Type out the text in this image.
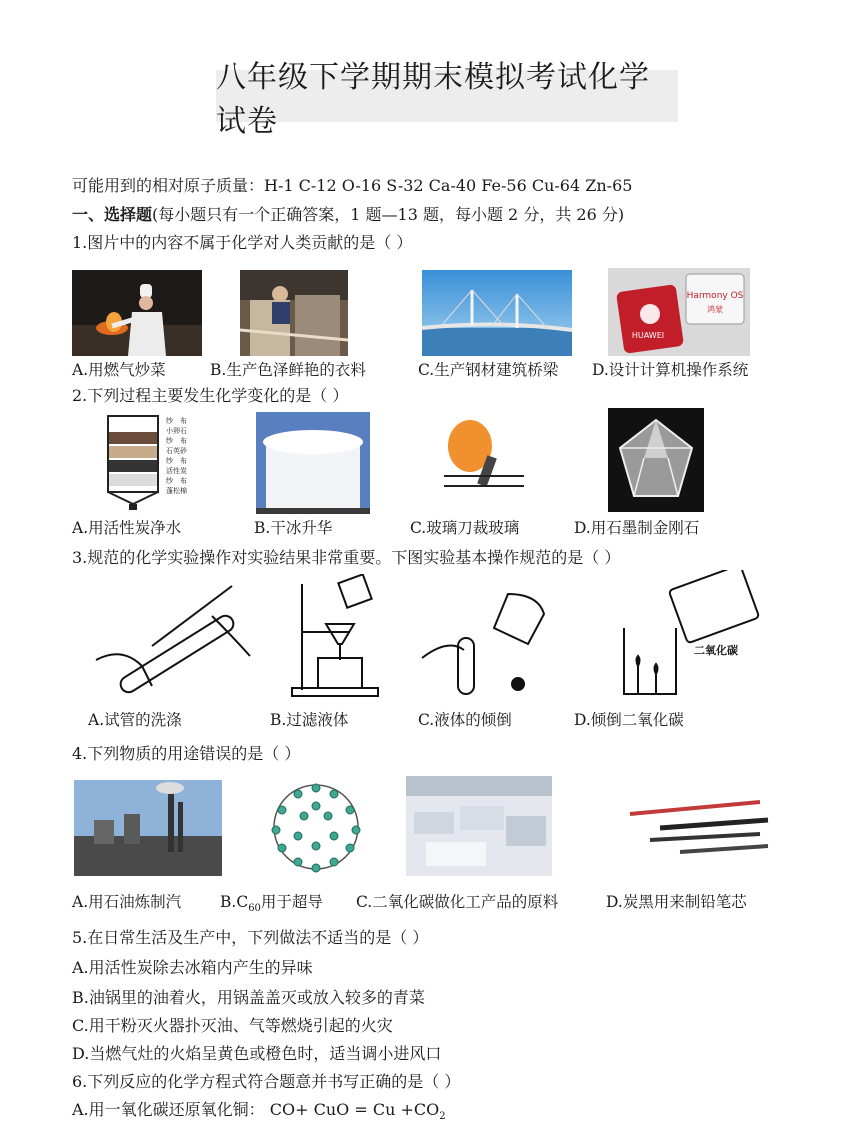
八年级下学期期末模拟考试化学试卷
可能用到的相对原子质量：H-1 C-12 O-16 S-32 Ca-40 Fe-56 Cu-64 Zn-65
一、选择题(每小题只有一个正确答案，1 题—13 题，每小题 2 分，共 26 分)
1.图片中的内容不属于化学对人类贡献的是（ ）
HUAWEI
Harmony OS
鸿蒙
A.用燃气炒菜	B.生产色泽鲜艳的衣料	C.生产钢材建筑桥梁 D.设计计算机操作系统
2.下列过程主要发生化学变化的是（ ）
纱　布
小卵石
纱　布
石英砂
纱　布
活性炭
纱　布
蓬松棉
A.用活性炭净水	B.干冰升华	C.玻璃刀裁玻璃	D.用石墨制金刚石
3.规范的化学实验操作对实验结果非常重要。下图实验基本操作规范的是（ ）
二氧化碳
A.试管的洗涤	B.过滤液体	C.液体的倾倒	D.倾倒二氧化碳
4.下列物质的用途错误的是（ ）
A.用石油炼制汽	$B.C_{60}$用于超导 C.二氧化碳做化工产品的原料	D.炭黑用来制铅笔芯
5.在日常生活及生产中，下列做法不适当的是（ ）
A.用活性炭除去冰箱内产生的异味
B.油锅里的油着火，用锅盖盖灭或放入较多的青菜
C.用干粉灭火器扑灭油、气等燃烧引起的火灾
D.当燃气灶的火焰呈黄色或橙色时，适当调小进风口
6.下列反应的化学方程式符合题意并书写正确的是（ ）
A.用一氧化碳还原氧化铜： CO+ CuO = $Cu +CO_2$
